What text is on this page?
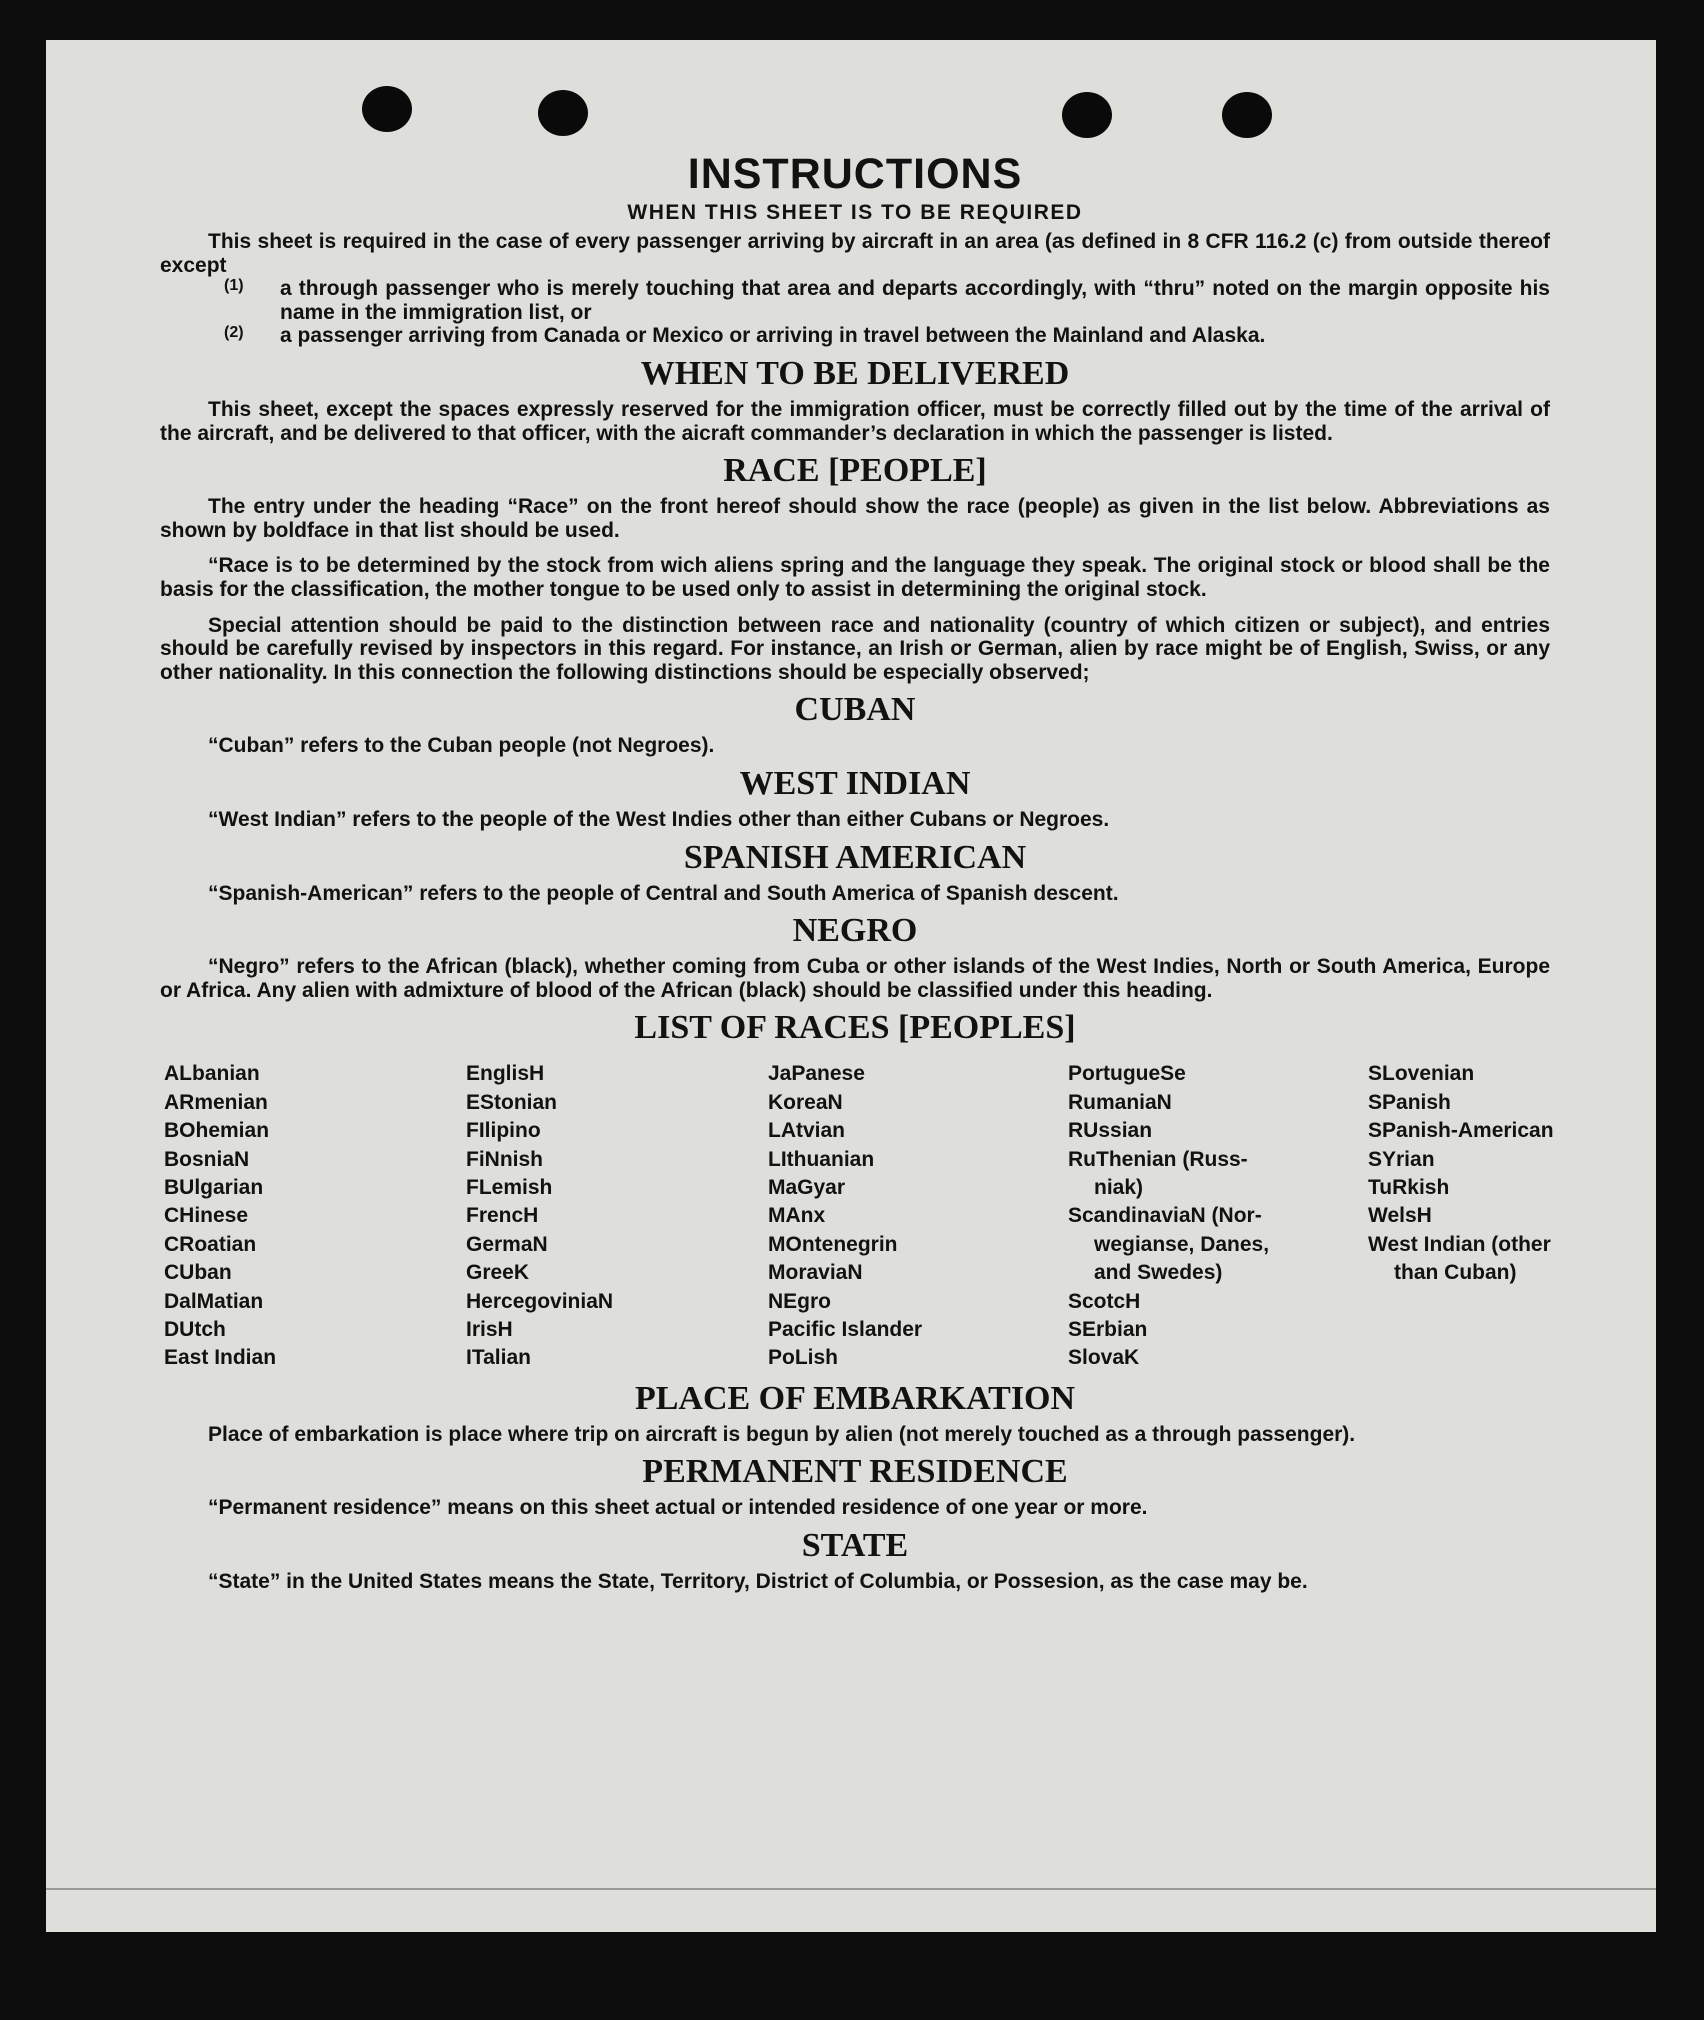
INSTRUCTIONS
WHEN THIS SHEET IS TO BE REQUIRED

This sheet is required in the case of every passenger arriving by aircraft in an area (as defined in 8 CFR 116.2 (c) from outside thereof except

(1)	a through passenger who is merely touching that area and departs accordingly, with “thru” noted on the margin opposite his name in the immigration list, or

(2)	a passenger arriving from Canada or Mexico or arriving in travel between the Mainland and Alaska.

WHEN TO BE DELIVERED

This sheet, except the spaces expressly reserved for the immigration officer, must be correctly filled out by the time of the arrival of the aircraft, and be delivered to that officer, with the aicraft commander’s declaration in which the passenger is listed.

RACE [PEOPLE]

The entry under the heading “Race” on the front hereof should show the race (people) as given in the list below. Abbreviations as shown by boldface in that list should be used.

“Race is to be determined by the stock from wich aliens spring and the language they speak. The original stock or blood shall be the basis for the classification, the mother tongue to be used only to assist in determining the original stock.

Special attention should be paid to the distinction between race and nationality (country of which citizen or subject), and entries should be carefully revised by inspectors in this regard. For instance, an Irish or German, alien by race might be of English, Swiss, or any other nationality. In this connection the following distinctions should be especially observed;

CUBAN

“Cuban” refers to the Cuban people (not Negroes).

WEST INDIAN

“West Indian” refers to the people of the West Indies other than either Cubans or Negroes.

SPANISH AMERICAN

“Spanish-American” refers to the people of Central and South America of Spanish descent.

NEGRO

“Negro” refers to the African (black), whether coming from Cuba or other islands of the West Indies, North or South America, Europe or Africa. Any alien with admixture of blood of the African (black) should be classified under this heading.

LIST OF RACES [PEOPLES]
ALbanian
ARmenian
BOhemian
BosniaN
BUlgarian
CHinese
CRoatian
CUban
DalMatian
DUtch
East Indian
EnglisH
EStonian
FIlipino
FiNnish
FLemish
FrencH
GermaN
GreeK
HercegoviniaN
IrisH
ITalian
JaPanese
KoreaN
LAtvian
LIthuanian
MaGyar
MAnx
MOntenegrin
MoraviaN
NEgro
Pacific Islander
PoLish
PortugueSe
RumaniaN
RUssian
RuThenian (Russ-
niak)
ScandinaviaN (Nor-
wegianse, Danes,
and Swedes)
ScotcH
SErbian
SlovaK
SLovenian
SPanish
SPanish-American
SYrian
TuRkish
WelsH
West Indian (other
than Cuban)
PLACE OF EMBARKATION

Place of embarkation is place where trip on aircraft is begun by alien (not merely touched as a through passenger).

PERMANENT RESIDENCE

“Permanent residence” means on this sheet actual or intended residence of one year or more.

STATE

“State” in the United States means the State, Territory, District of Columbia, or Possesion, as the case may be.
